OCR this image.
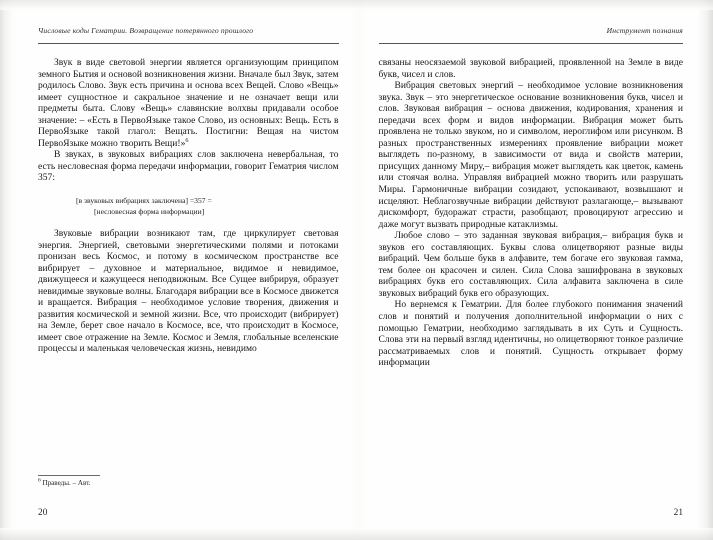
Числовые коды Гематрии. Возвращение потерянного прошлого

Звук в виде световой энергии является организующим принципом земного Бытия и основой возникновения жизни. Вначале был Звук, затем родилось Слово. Звук есть причина и основа всех Вещей. Слово «Вещь» имеет сущностное и сакральное значение и не означает вещи или предметы быта. Слову «Вещь» славянские волхвы придавали особое значение: – «Есть в ПервоЯзыке такое Слово, из основных: Вещь. Есть в ПервоЯзыке такой глагол: Вещать. Постигни: Вещая на чистом ПервоЯзыке можно творить Вещи!»$^6$

В звуках, в звуковых вибрациях слов заключена невербальная, то есть несловесная форма передачи информации, говорит Гематрия числом 357:

[в звуковых вибрациях заключена] =357 =
[несловесная форма информации]

Звуковые вибрации возникают там, где циркулирует световая энергия. Энергией, световыми энергетическими полями и потоками пронизан весь Космос, и потому в космическом пространстве все вибрирует – духовное и материальное, видимое и невидимое, движущееся и кажущееся неподвижным. Все Сущее вибрируя, образует невидимые звуковые волны. Благодаря вибрации все в Космосе движется и вращается. Вибрация – необходимое условие творения, движения и развития космической и земной жизни. Все, что происходит (вибрирует) на Земле, берет свое начало в Космосе, все, что происходит в Космосе, имеет свое отражение на Земле. Космос и Земля, глобальные вселенские процессы и маленькая человеческая жизнь, невидимо

$^6$ Праведы. – Авт.
20
Инструмент познания

связаны неосязаемой звуковой вибрацией, проявленной на Земле в виде букв, чисел и слов.

Вибрация световых энергий – необходимое условие возникновения звука. Звук – это энергетическое основание возникновения букв, чисел и слов. Звуковая вибрация – основа движения, кодирования, хранения и передачи всех форм и видов информации. Вибрация может быть проявлена не только звуком, но и символом, иероглифом или рисунком. В разных пространственных измерениях проявление вибрации может выглядеть по-разному, в зависимости от вида и свойств материи, присущих данному Миру,– вибрация может выглядеть как цветок, камень или стоячая волна. Управляя вибрацией можно творить или разрушать Миры. Гармоничные вибрации созидают, успокаивают, возвышают и исцеляют. Неблагозвучные вибрации действуют разлагающе,– вызывают дискомфорт, будоражат страсти, разобщают, провоцируют агрессию и даже могут вызвать природные катаклизмы.

Любое слово – это заданная звуковая вибрация,– вибрация букв и звуков его составляющих. Буквы слова олицетворяют разные виды вибраций. Чем больше букв в алфавите, тем богаче его звуковая гамма, тем более он красочен и силен. Сила Слова зашифрована в звуковых вибрациях букв его составляющих. Сила алфавита заключена в силе звуковых вибраций букв его образующих.

Но вернемся к Гематрии. Для более глубокого понимания значений слов и понятий и получения дополнительной информации о них с помощью Гематрии, необходимо заглядывать в их Суть и Сущность. Слова эти на первый взгляд идентичны, но олицетворяют тонкое различие рассматриваемых слов и понятий. Сущность открывает форму информации

21
